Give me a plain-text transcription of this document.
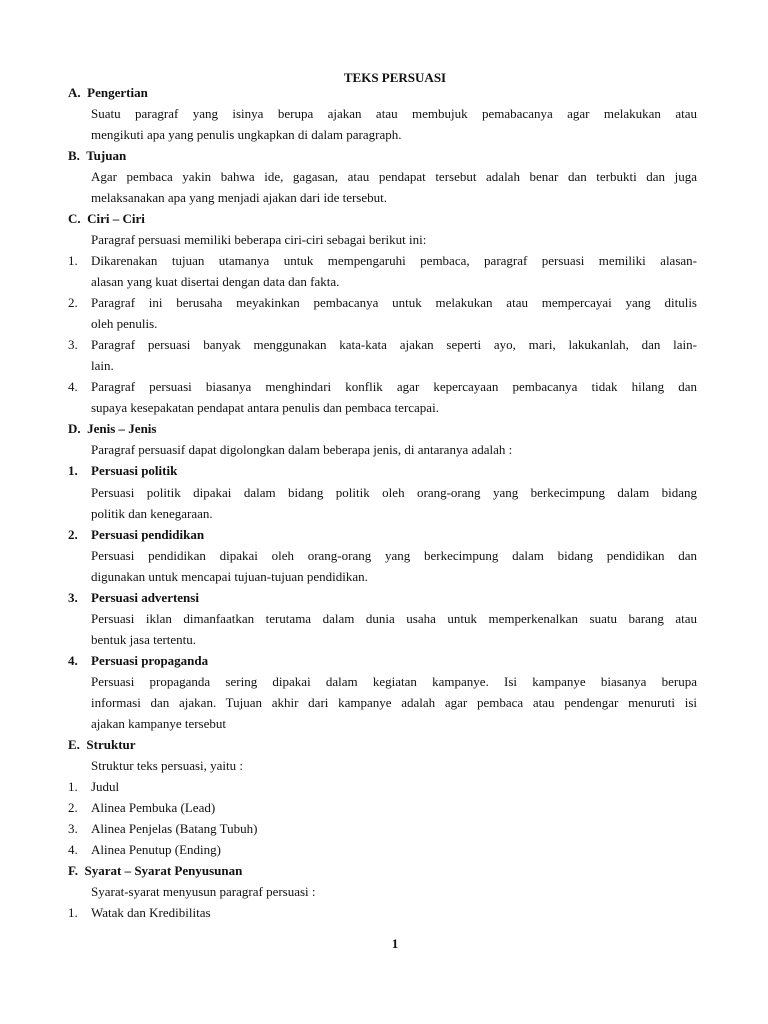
TEKS PERSUASI
A. Pengertian
Suatu paragraf yang isinya berupa ajakan atau membujuk pemabacanya agar melakukan atau
mengikuti apa yang penulis ungkapkan di dalam paragraph.
B. Tujuan
Agar pembaca yakin bahwa ide, gagasan, atau pendapat tersebut adalah benar dan terbukti dan juga
melaksanakan apa yang menjadi ajakan dari ide tersebut.
C. Ciri – Ciri
Paragraf persuasi memiliki beberapa ciri-ciri sebagai berikut ini:
1. Dikarenakan tujuan utamanya untuk mempengaruhi pembaca, paragraf persuasi memiliki alasan-
alasan yang kuat disertai dengan data dan fakta.
2. Paragraf ini berusaha meyakinkan pembacanya untuk melakukan atau mempercayai yang ditulis
oleh penulis.
3. Paragraf persuasi banyak menggunakan kata-kata ajakan seperti ayo, mari, lakukanlah, dan lain-
lain.
4. Paragraf persuasi biasanya menghindari konflik agar kepercayaan pembacanya tidak hilang dan
supaya kesepakatan pendapat antara penulis dan pembaca tercapai.
D. Jenis – Jenis
Paragraf persuasif dapat digolongkan dalam beberapa jenis, di antaranya adalah :
1. Persuasi politik
Persuasi politik dipakai dalam bidang politik oleh orang-orang yang berkecimpung dalam bidang
politik dan kenegaraan.
2. Persuasi pendidikan
Persuasi pendidikan dipakai oleh orang-orang yang berkecimpung dalam bidang pendidikan dan
digunakan untuk mencapai tujuan-tujuan pendidikan.
3. Persuasi advertensi
Persuasi iklan dimanfaatkan terutama dalam dunia usaha untuk memperkenalkan suatu barang atau
bentuk jasa tertentu.
4. Persuasi propaganda
Persuasi propaganda sering dipakai dalam kegiatan kampanye. Isi kampanye biasanya berupa
informasi dan ajakan. Tujuan akhir dari kampanye adalah agar pembaca atau pendengar menuruti isi
ajakan kampanye tersebut
E. Struktur
Struktur teks persuasi, yaitu :
1. Judul
2. Alinea Pembuka (Lead)
3. Alinea Penjelas (Batang Tubuh)
4. Alinea Penutup (Ending)
F. Syarat – Syarat Penyusunan
Syarat-syarat menyusun paragraf persuasi :
1. Watak dan Kredibilitas
1
